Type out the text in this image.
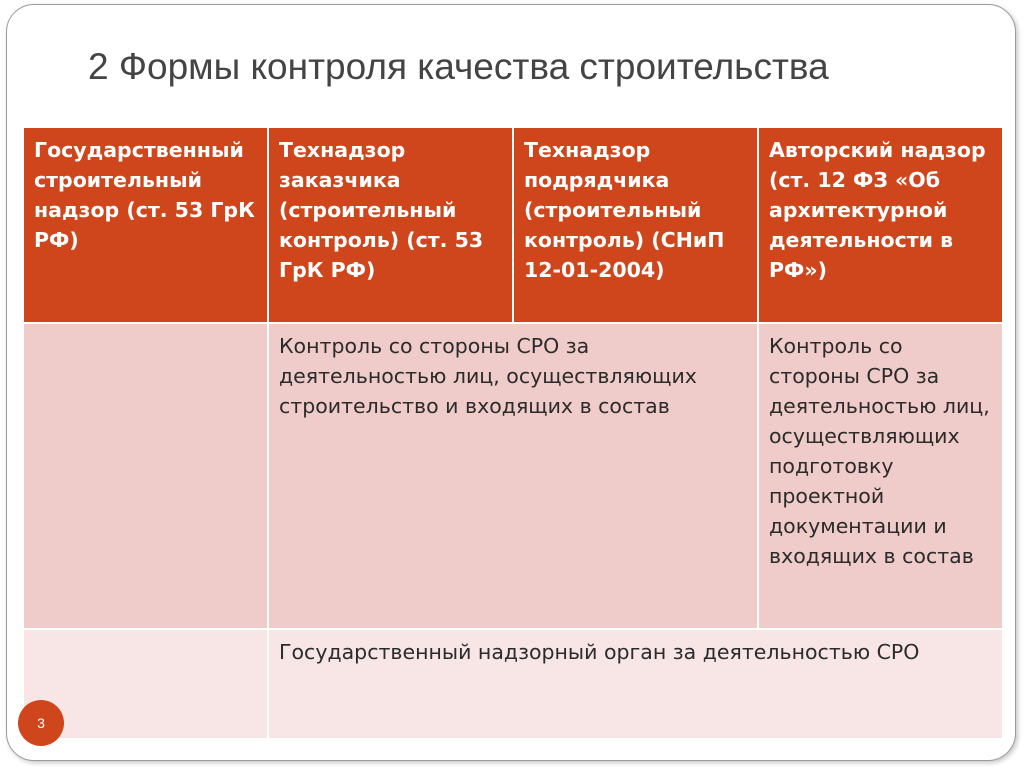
2 Формы контроля качества строительства
Государственный строительный надзор (ст. 53 ГрК РФ)	Технадзор заказчика (строительный контроль) (ст. 53 ГрК РФ)	Технадзор подрядчика (строительный контроль) (СНиП 12-01-2004)	Авторский надзор (ст. 12 ФЗ «Об архитектурной деятельности в РФ»)
	Контроль со стороны СРО за деятельностью лиц, осуществляющих строительство и входящих в состав		Контроль со стороны СРО за деятельностью лиц, осуществляющих подготовку проектной документации и входящих в состав
	Государственный надзорный орган за деятельностью СРО		
3
